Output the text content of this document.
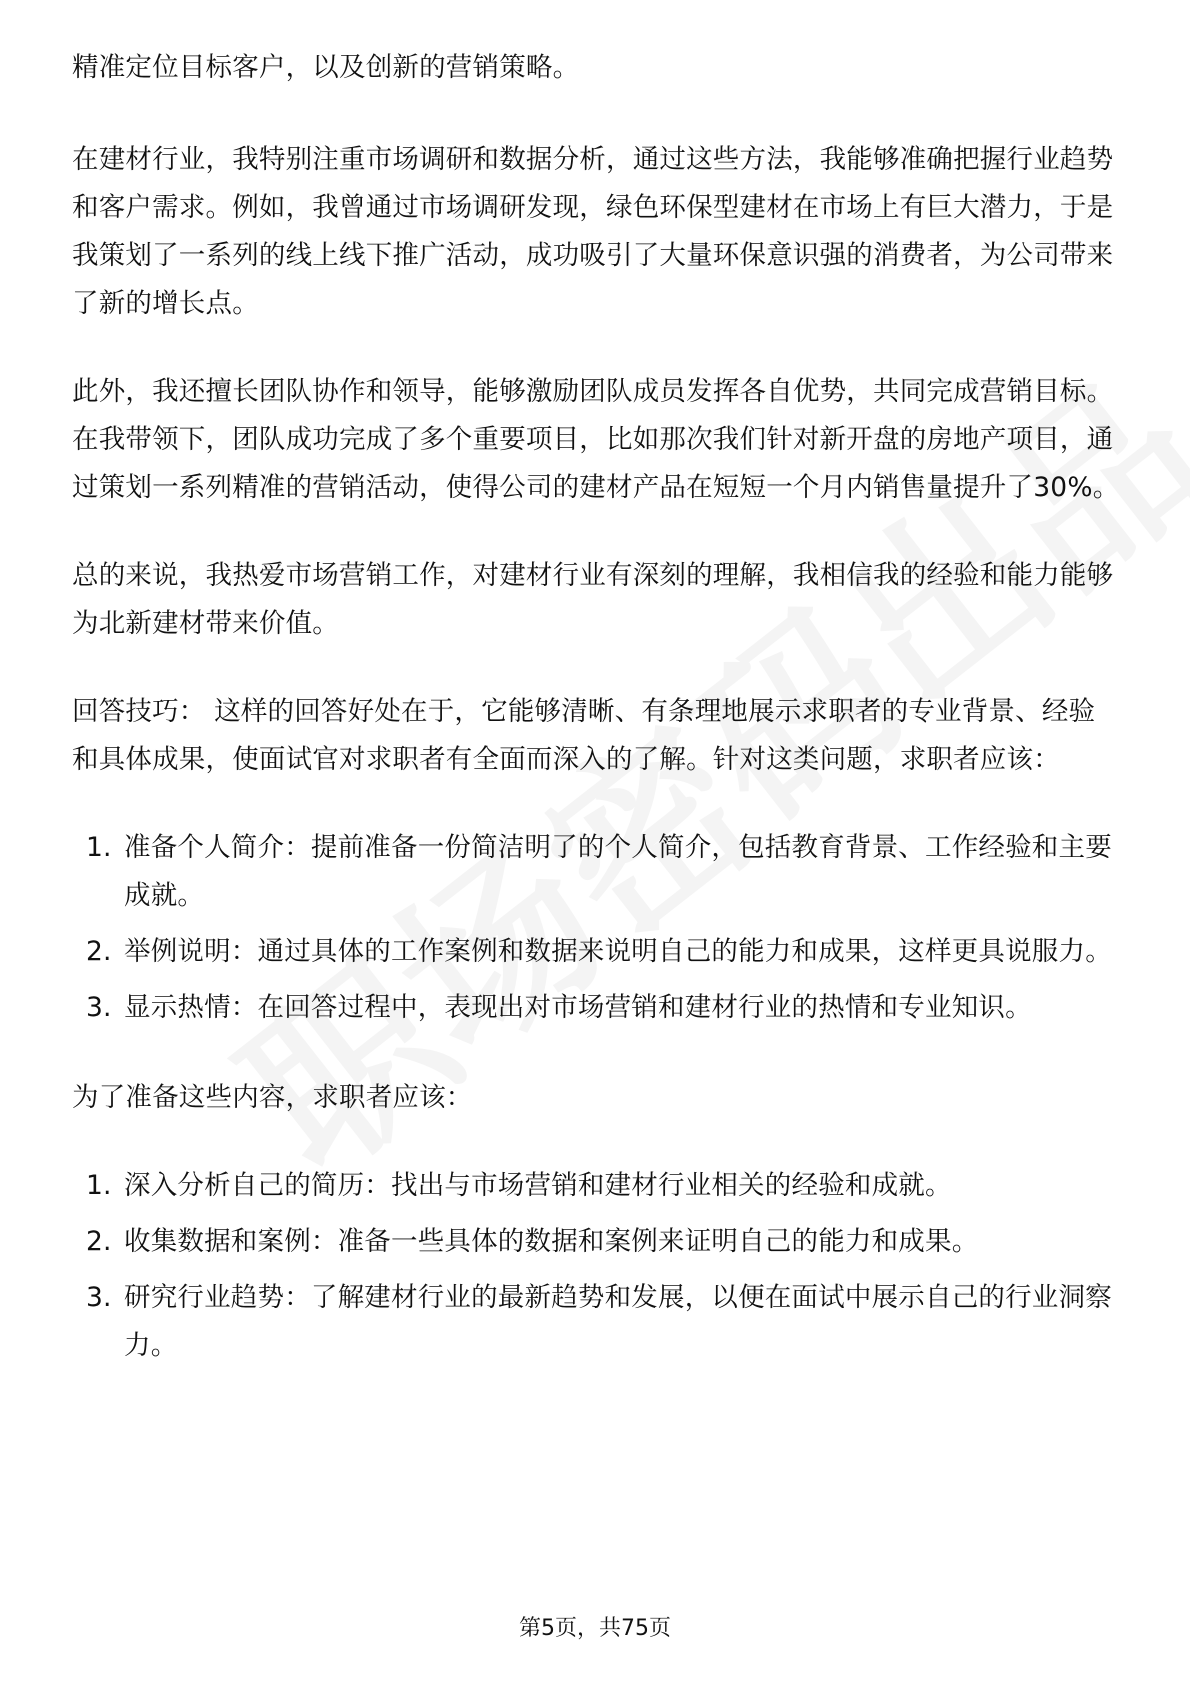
精准定位目标客户，以及创新的营销策略。

在建材行业，我特别注重市场调研和数据分析，通过这些方法，我能够准确把握行业趋势和客户需求。例如，我曾通过市场调研发现，绿色环保型建材在市场上有巨大潜力，于是我策划了一系列的线上线下推广活动，成功吸引了大量环保意识强的消费者，为公司带来了新的增长点。

此外，我还擅长团队协作和领导，能够激励团队成员发挥各自优势，共同完成营销目标。在我带领下，团队成功完成了多个重要项目，比如那次我们针对新开盘的房地产项目，通过策划一系列精准的营销活动，使得公司的建材产品在短短一个月内销售量提升了30%。

总的来说，我热爱市场营销工作，对建材行业有深刻的理解，我相信我的经验和能力能够为北新建材带来价值。

回答技巧： 这样的回答好处在于，它能够清晰、有条理地展示求职者的专业背景、经验和具体成果，使面试官对求职者有全面而深入的了解。针对这类问题，求职者应该：

1. 准备个人简介：提前准备一份简洁明了的个人简介，包括教育背景、工作经验和主要成就。
2. 举例说明：通过具体的工作案例和数据来说明自己的能力和成果，这样更具说服力。
3. 显示热情：在回答过程中，表现出对市场营销和建材行业的热情和专业知识。

为了准备这些内容，求职者应该：

1. 深入分析自己的简历：找出与市场营销和建材行业相关的经验和成就。
2. 收集数据和案例：准备一些具体的数据和案例来证明自己的能力和成果。
3. 研究行业趋势：了解建材行业的最新趋势和发展，以便在面试中展示自己的行业洞察力。
第5页，共75页
